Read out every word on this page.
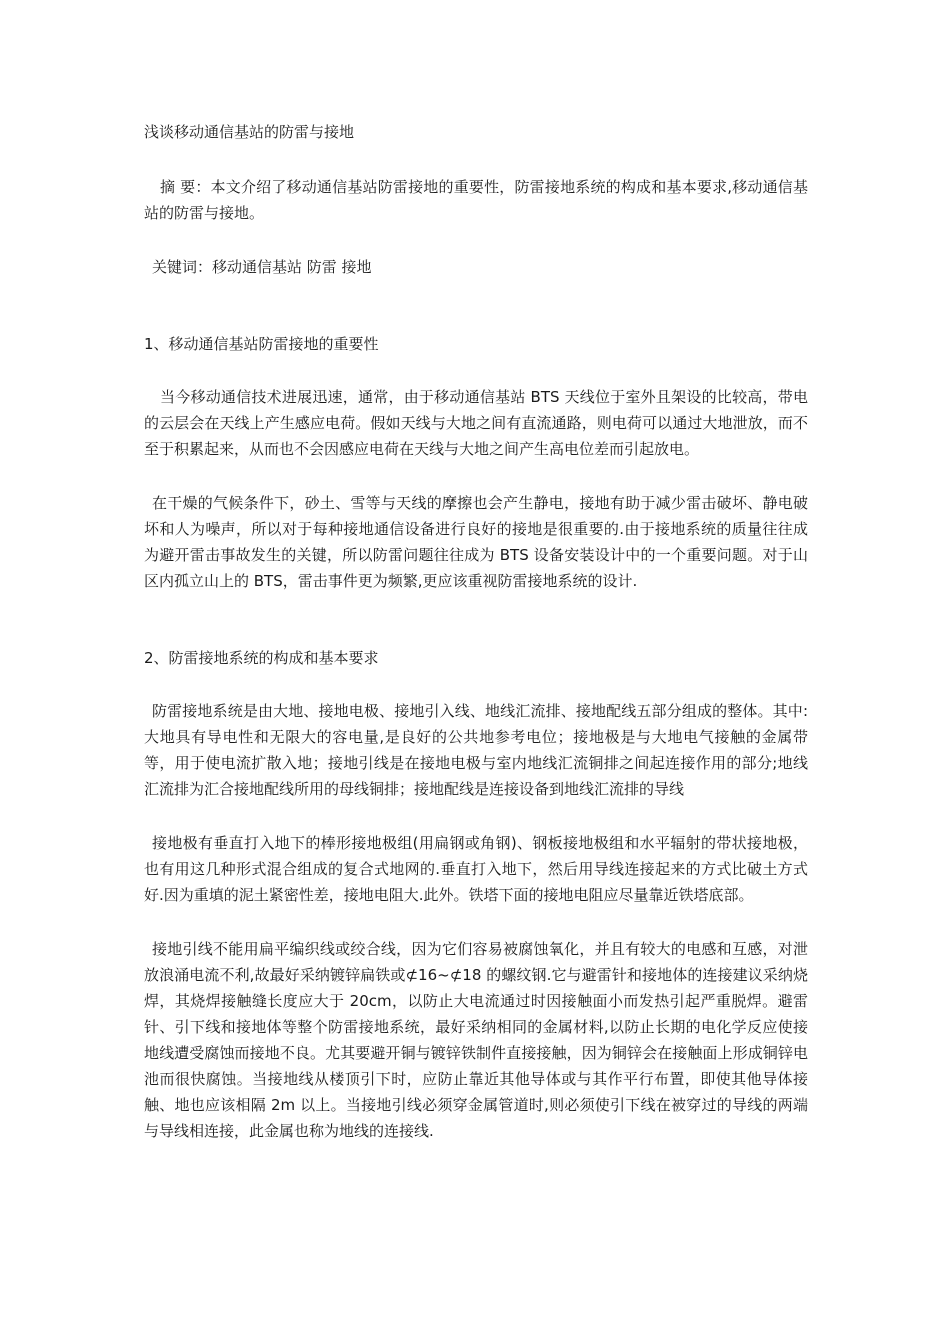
浅谈移动通信基站的防雷与接地

摘 要：本文介绍了移动通信基站防雷接地的重要性，防雷接地系统的构成和基本要求,移动通信基站的防雷与接地。

关键词：移动通信基站 防雷 接地

1、移动通信基站防雷接地的重要性

当今移动通信技术进展迅速，通常，由于移动通信基站 BTS 天线位于室外且架设的比较高，带电的云层会在天线上产生感应电荷。假如天线与大地之间有直流通路，则电荷可以通过大地泄放，而不至于积累起来，从而也不会因感应电荷在天线与大地之间产生高电位差而引起放电。

在干燥的气候条件下，砂土、雪等与天线的摩擦也会产生静电，接地有助于减少雷击破坏、静电破坏和人为噪声，所以对于每种接地通信设备进行良好的接地是很重要的.由于接地系统的质量往往成为避开雷击事故发生的关键，所以防雷问题往往成为 BTS 设备安装设计中的一个重要问题。对于山区内孤立山上的 BTS，雷击事件更为频繁,更应该重视防雷接地系统的设计.

2、防雷接地系统的构成和基本要求

防雷接地系统是由大地、接地电极、接地引入线、地线汇流排、接地配线五部分组成的整体。其中:大地具有导电性和无限大的容电量,是良好的公共地参考电位；接地极是与大地电气接触的金属带等，用于使电流扩散入地；接地引线是在接地电极与室内地线汇流铜排之间起连接作用的部分;地线汇流排为汇合接地配线所用的母线铜排；接地配线是连接设备到地线汇流排的导线

接地极有垂直打入地下的棒形接地极组(用扁钢或角钢)、钢板接地极组和水平辐射的带状接地极，也有用这几种形式混合组成的复合式地网的.垂直打入地下，然后用导线连接起来的方式比破土方式好.因为重填的泥土紧密性差，接地电阻大.此外。铁塔下面的接地电阻应尽量靠近铁塔底部。

接地引线不能用扁平编织线或绞合线，因为它们容易被腐蚀氧化，并且有较大的电感和互感，对泄放浪涌电流不利,故最好采纳镀锌扁铁或⊄16~⊄18 的螺纹钢.它与避雷针和接地体的连接建议采纳烧焊，其烧焊接触缝长度应大于 20cm，以防止大电流通过时因接触面小而发热引起严重脱焊。避雷针、引下线和接地体等整个防雷接地系统，最好采纳相同的金属材料,以防止长期的电化学反应使接地线遭受腐蚀而接地不良。尤其要避开铜与镀锌铁制件直接接触，因为铜锌会在接触面上形成铜锌电池而很快腐蚀。当接地线从楼顶引下时，应防止靠近其他导体或与其作平行布置，即使其他导体接触、地也应该相隔 2m 以上。当接地引线必须穿金属管道时,则必须使引下线在被穿过的导线的两端与导线相连接，此金属也称为地线的连接线.
